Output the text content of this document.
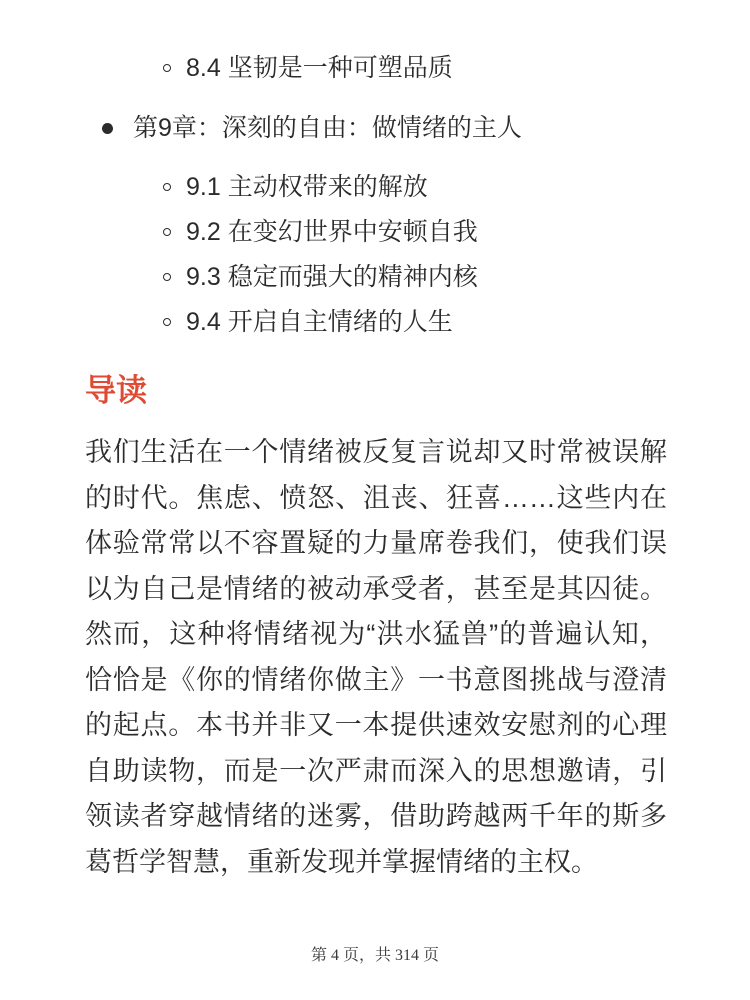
8.4 坚韧是一种可塑品质
第9章：深刻的自由：做情绪的主人
9.1 主动权带来的解放
9.2 在变幻世界中安顿自我
9.3 稳定而强大的精神内核
9.4 开启自主情绪的人生
导读

我们生活在一个情绪被反复言说却又时常被误解的时代。焦虑、愤怒、沮丧、狂喜……这些内在体验常常以不容置疑的力量席卷我们，使我们误以为自己是情绪的被动承受者，甚至是其囚徒。然而，这种将情绪视为“洪水猛兽”的普遍认知，恰恰是《你的情绪你做主》一书意图挑战与澄清的起点。本书并非又一本提供速效安慰剂的心理自助读物，而是一次严肃而深入的思想邀请，引领读者穿越情绪的迷雾，借助跨越两千年的斯多葛哲学智慧，重新发现并掌握情绪的主权。

第 4 页，共 314 页
